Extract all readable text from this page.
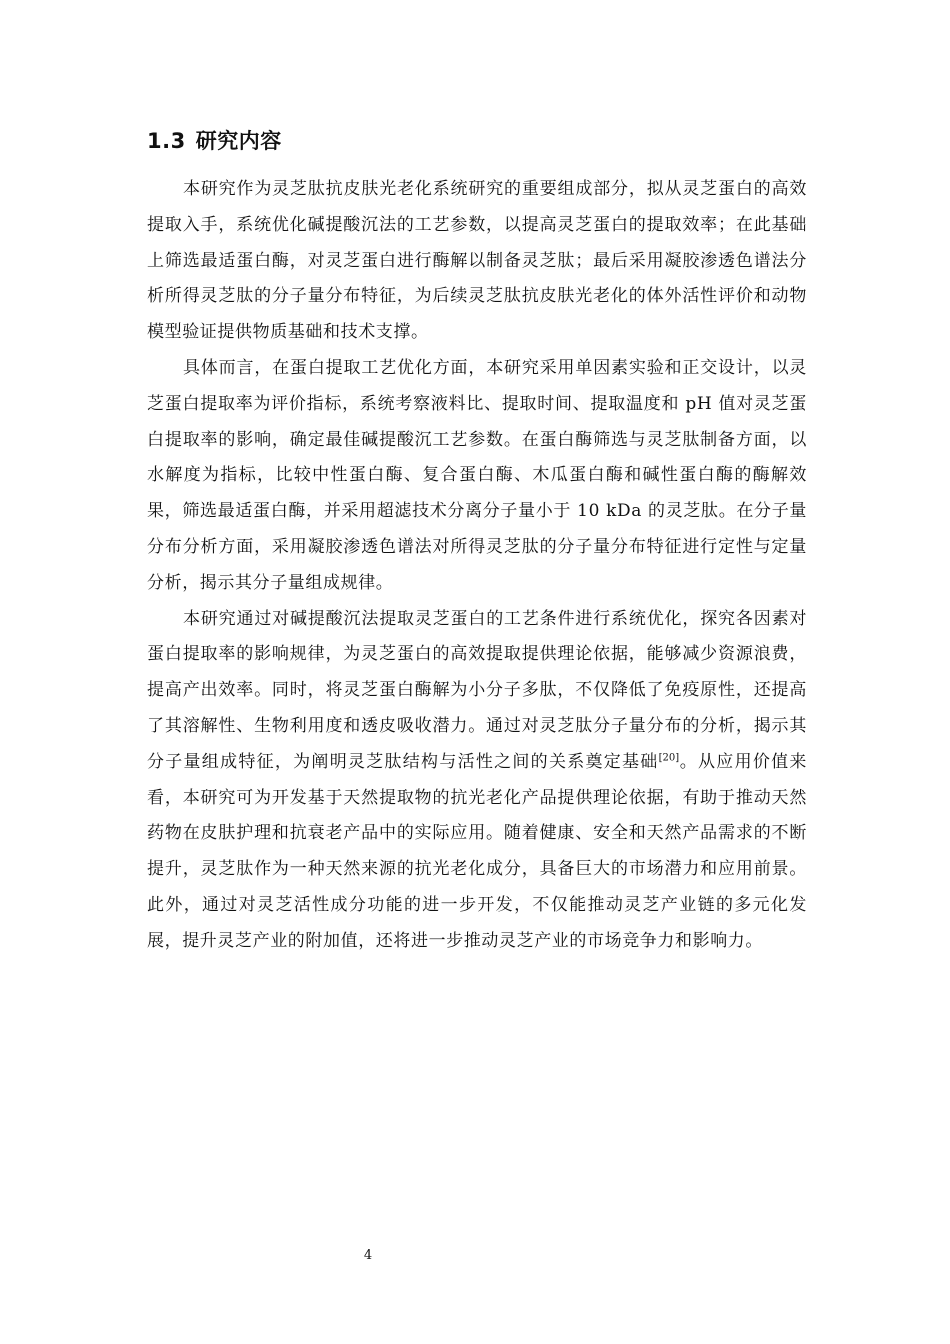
1.3 研究内容

本研究作为灵芝肽抗皮肤光老化系统研究的重要组成部分，拟从灵芝蛋白的高效提取入手，系统优化碱提酸沉法的工艺参数，以提高灵芝蛋白的提取效率；在此基础上筛选最适蛋白酶，对灵芝蛋白进行酶解以制备灵芝肽；最后采用凝胶渗透色谱法分析所得灵芝肽的分子量分布特征，为后续灵芝肽抗皮肤光老化的体外活性评价和动物模型验证提供物质基础和技术支撑。

具体而言，在蛋白提取工艺优化方面，本研究采用单因素实验和正交设计，以灵芝蛋白提取率为评价指标，系统考察液料比、提取时间、提取温度和 pH 值对灵芝蛋白提取率的影响，确定最佳碱提酸沉工艺参数。在蛋白酶筛选与灵芝肽制备方面，以水解度为指标，比较中性蛋白酶、复合蛋白酶、木瓜蛋白酶和碱性蛋白酶的酶解效果，筛选最适蛋白酶，并采用超滤技术分离分子量小于 10 kDa 的灵芝肽。在分子量分布分析方面，采用凝胶渗透色谱法对所得灵芝肽的分子量分布特征进行定性与定量分析，揭示其分子量组成规律。

本研究通过对碱提酸沉法提取灵芝蛋白的工艺条件进行系统优化，探究各因素对蛋白提取率的影响规律，为灵芝蛋白的高效提取提供理论依据，能够减少资源浪费，提高产出效率。同时，将灵芝蛋白酶解为小分子多肽，不仅降低了免疫原性，还提高了其溶解性、生物利用度和透皮吸收潜力。通过对灵芝肽分子量分布的分析，揭示其分子量组成特征，为阐明灵芝肽结构与活性之间的关系奠定基础[20]。从应用价值来看，本研究可为开发基于天然提取物的抗光老化产品提供理论依据，有助于推动天然药物在皮肤护理和抗衰老产品中的实际应用。随着健康、安全和天然产品需求的不断提升，灵芝肽作为一种天然来源的抗光老化成分，具备巨大的市场潜力和应用前景。此外，通过对灵芝活性成分功能的进一步开发，不仅能推动灵芝产业链的多元化发展，提升灵芝产业的附加值，还将进一步推动灵芝产业的市场竞争力和影响力。

4
